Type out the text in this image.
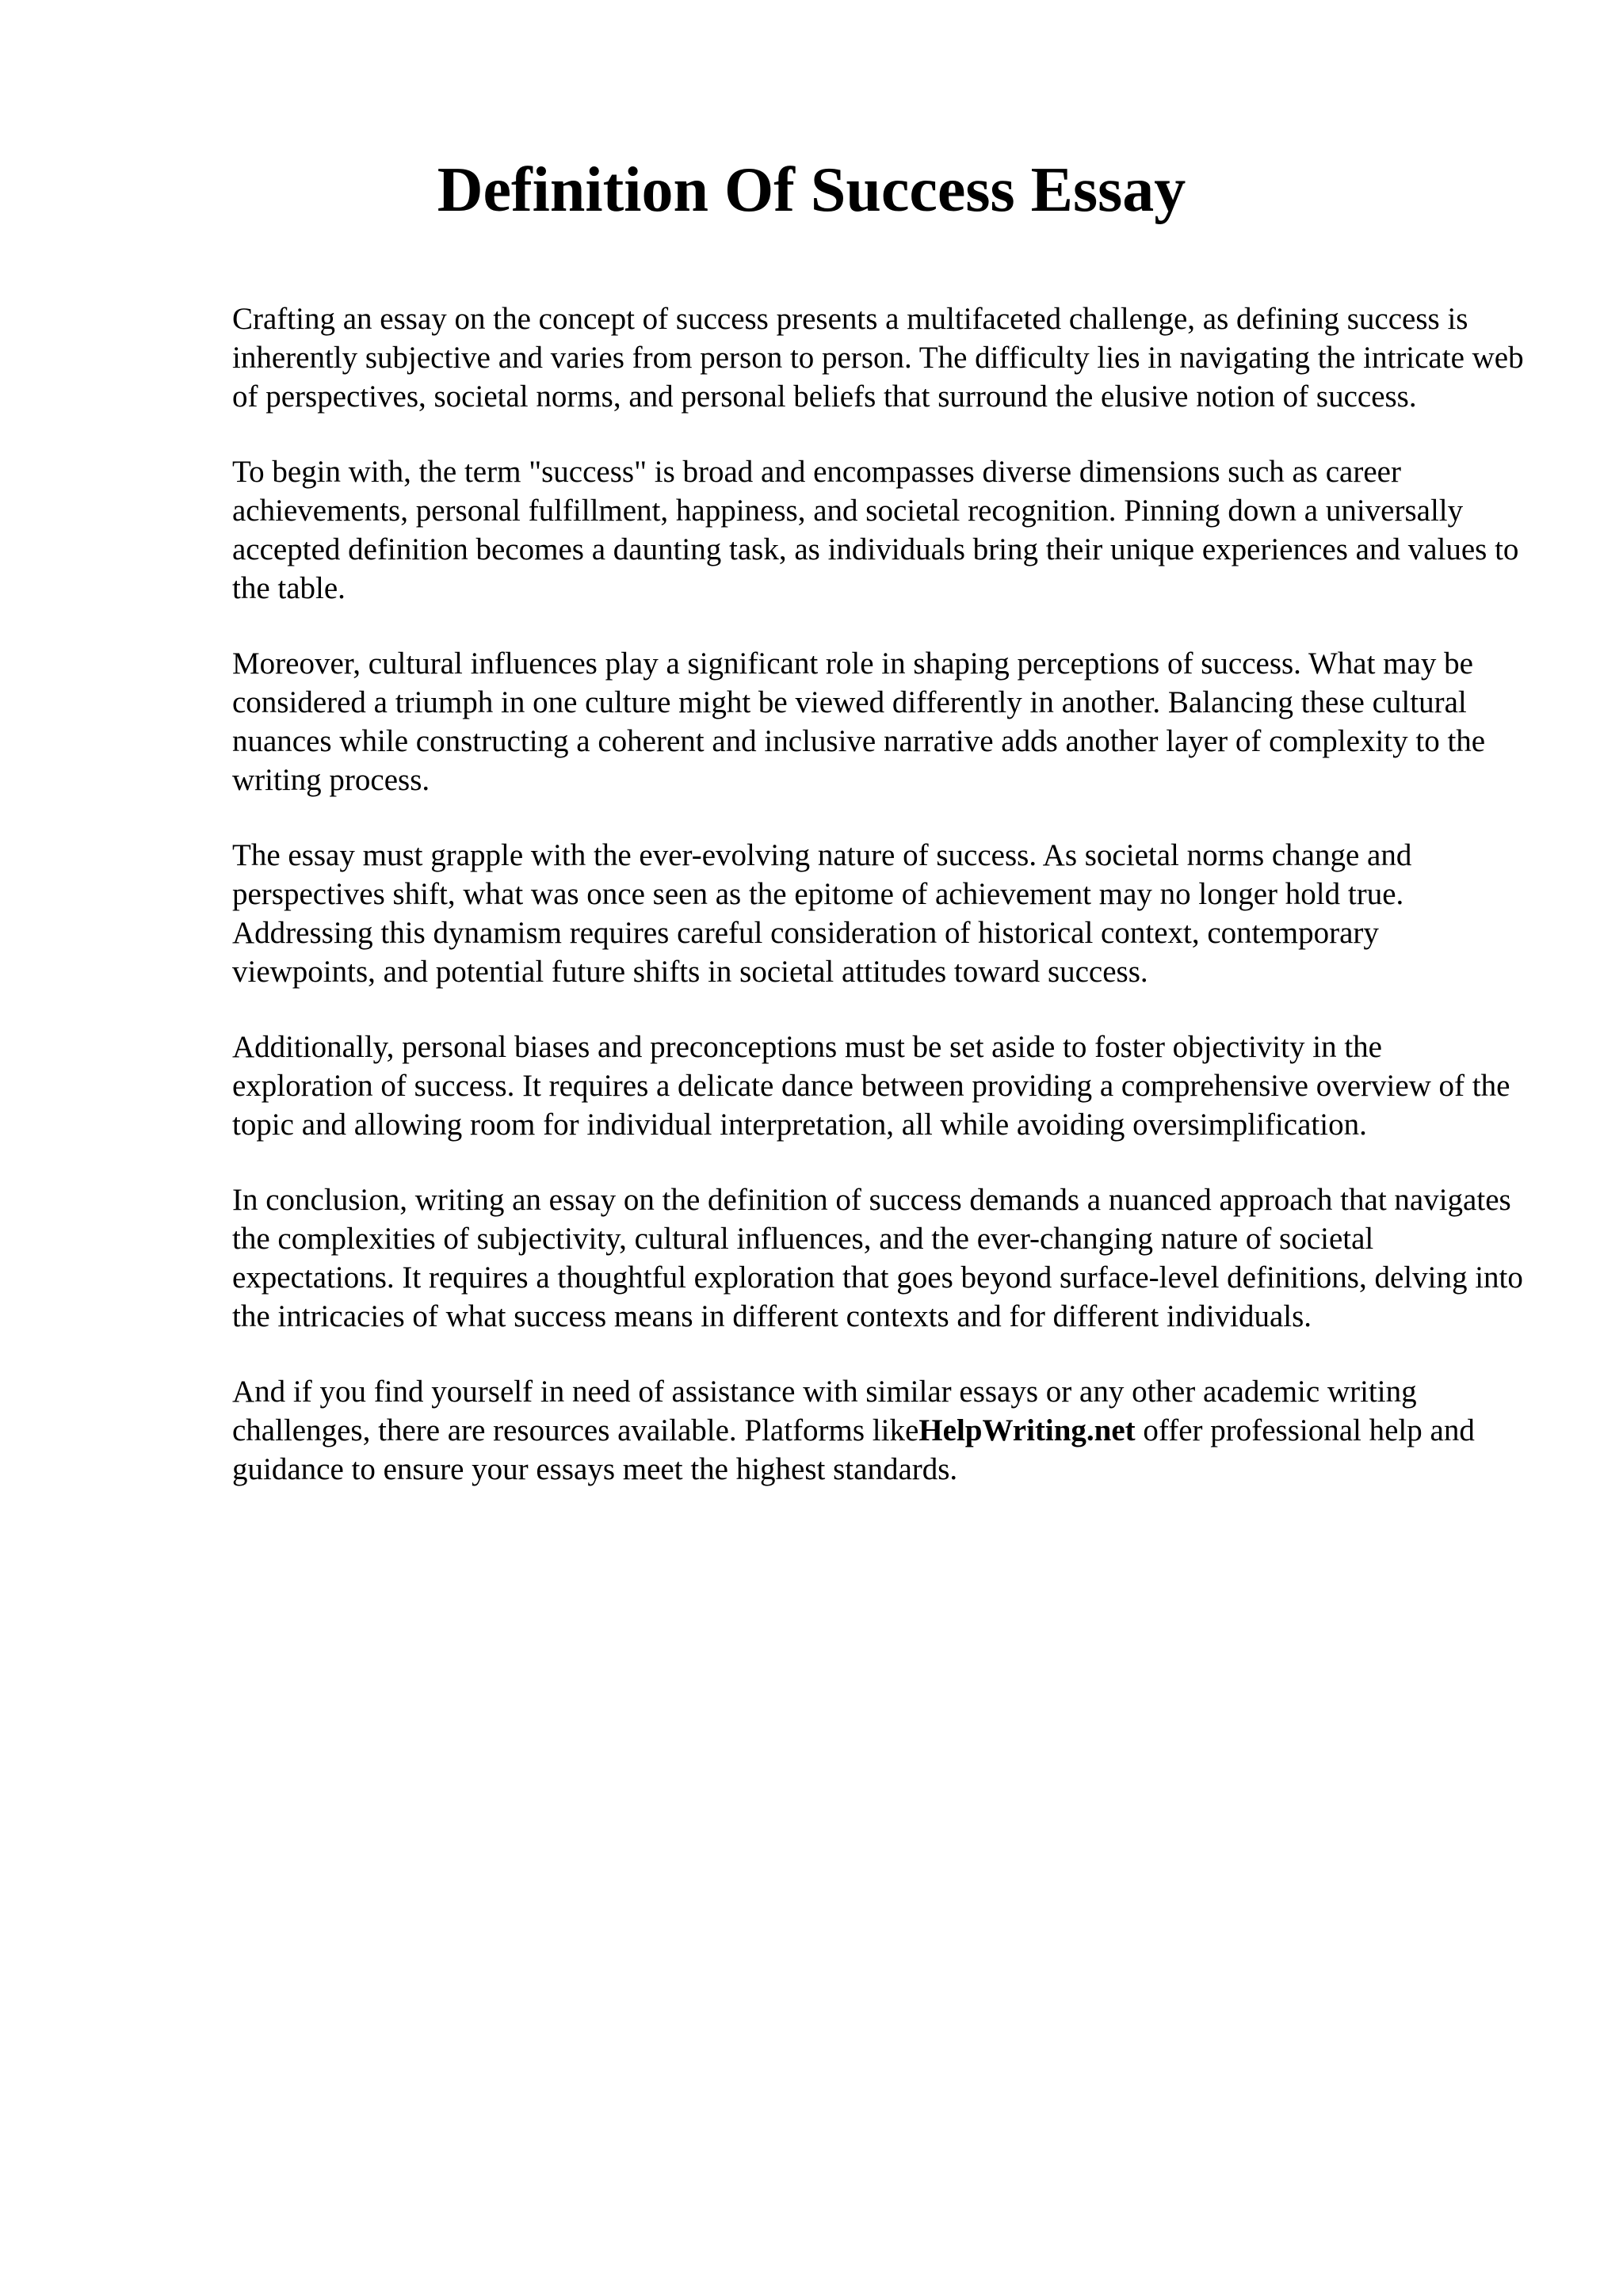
Definition Of Success Essay

Crafting an essay on the concept of success presents a multifaceted challenge, as defining success is inherently subjective and varies from person to person. The difficulty lies in navigating the intricate web of perspectives, societal norms, and personal beliefs that surround the elusive notion of success.

To begin with, the term "success" is broad and encompasses diverse dimensions such as career achievements, personal fulfillment, happiness, and societal recognition. Pinning down a universally accepted definition becomes a daunting task, as individuals bring their unique experiences and values to the table.

Moreover, cultural influences play a significant role in shaping perceptions of success. What may be considered a triumph in one culture might be viewed differently in another. Balancing these cultural nuances while constructing a coherent and inclusive narrative adds another layer of complexity to the writing process.

The essay must grapple with the ever-evolving nature of success. As societal norms change and perspectives shift, what was once seen as the epitome of achievement may no longer hold true. Addressing this dynamism requires careful consideration of historical context, contemporary viewpoints, and potential future shifts in societal attitudes toward success.

Additionally, personal biases and preconceptions must be set aside to foster objectivity in the exploration of success. It requires a delicate dance between providing a comprehensive overview of the topic and allowing room for individual interpretation, all while avoiding oversimplification.

In conclusion, writing an essay on the definition of success demands a nuanced approach that navigates the complexities of subjectivity, cultural influences, and the ever-changing nature of societal expectations. It requires a thoughtful exploration that goes beyond surface-level definitions, delving into the intricacies of what success means in different contexts and for different individuals.

And if you find yourself in need of assistance with similar essays or any other academic writing challenges, there are resources available. Platforms likeHelpWriting.net offer professional help and guidance to ensure your essays meet the highest standards.
